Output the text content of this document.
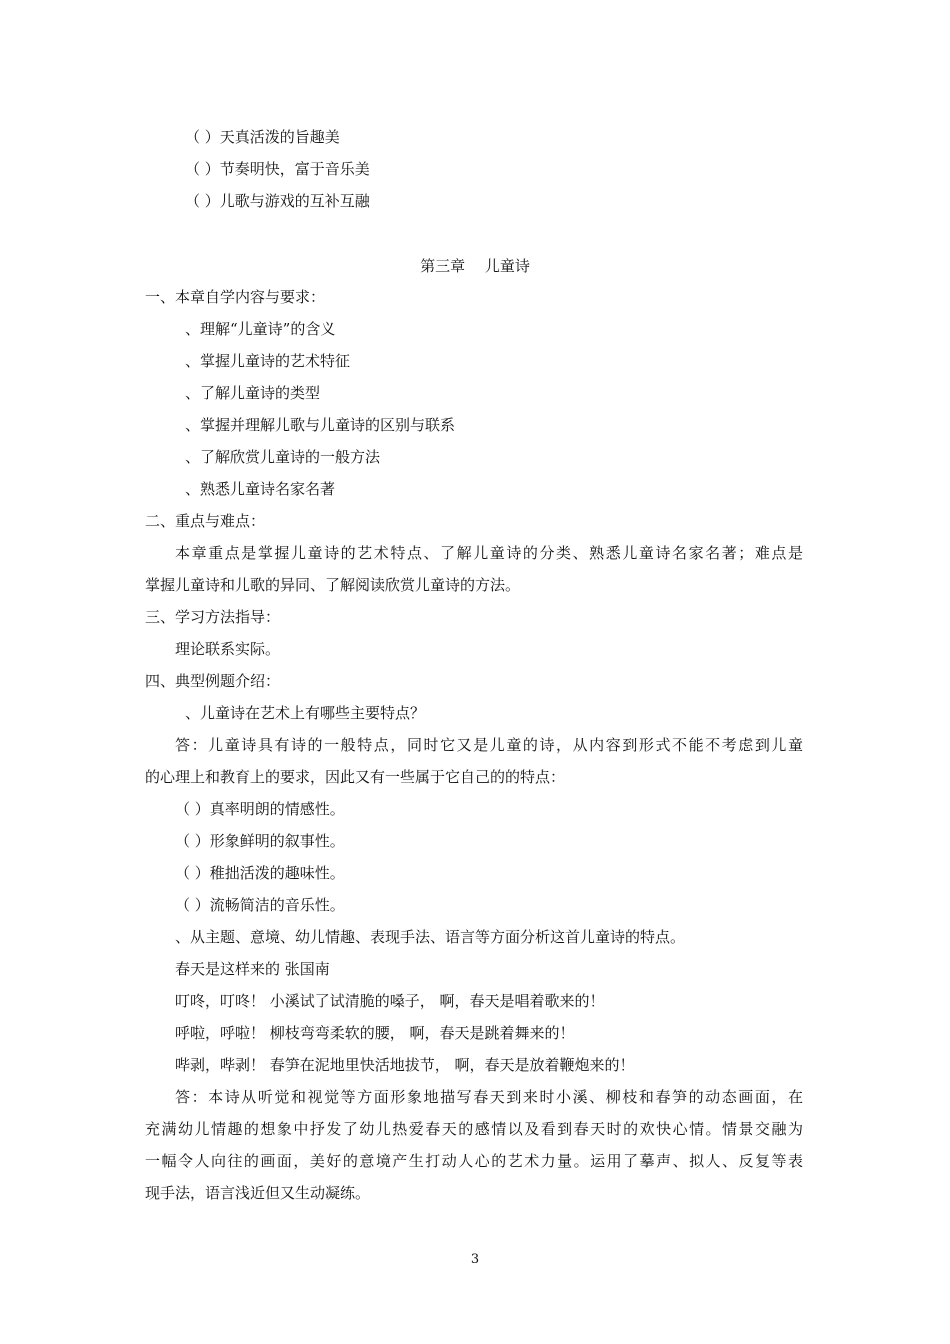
（ ）天真活泼的旨趣美
（ ）节奏明快，富于音乐美
（ ）儿歌与游戏的互补互融
第三章　 儿童诗
一、本章自学内容与要求：
、理解“儿童诗”的含义
、掌握儿童诗的艺术特征
、了解儿童诗的类型
、掌握并理解儿歌与儿童诗的区别与联系
、了解欣赏儿童诗的一般方法
、熟悉儿童诗名家名著
二、重点与难点：
本章重点是掌握儿童诗的艺术特点、了解儿童诗的分类、熟悉儿童诗名家名著；难点是
掌握儿童诗和儿歌的异同、了解阅读欣赏儿童诗的方法。
三、学习方法指导：
理论联系实际。
四、典型例题介绍：
、儿童诗在艺术上有哪些主要特点？
答：儿童诗具有诗的一般特点，同时它又是儿童的诗，从内容到形式不能不考虑到儿童
的心理上和教育上的要求，因此又有一些属于它自己的的特点：
（ ）真率明朗的情感性。
（ ）形象鲜明的叙事性。
（ ）稚拙活泼的趣味性。
（ ）流畅简洁的音乐性。
、从主题、意境、幼儿情趣、表现手法、语言等方面分析这首儿童诗的特点。
春天是这样来的 张国南
叮咚，叮咚！ 小溪试了试清脆的嗓子， 啊，春天是唱着歌来的！
呼啦，呼啦！ 柳枝弯弯柔软的腰， 啊，春天是跳着舞来的！
哔剥，哔剥！ 春笋在泥地里快活地拔节， 啊，春天是放着鞭炮来的！
答：本诗从听觉和视觉等方面形象地描写春天到来时小溪、柳枝和春笋的动态画面，在
充满幼儿情趣的想象中抒发了幼儿热爱春天的感情以及看到春天时的欢快心情。情景交融为
一幅令人向往的画面，美好的意境产生打动人心的艺术力量。运用了摹声、拟人、反复等表
现手法，语言浅近但又生动凝练。
3
